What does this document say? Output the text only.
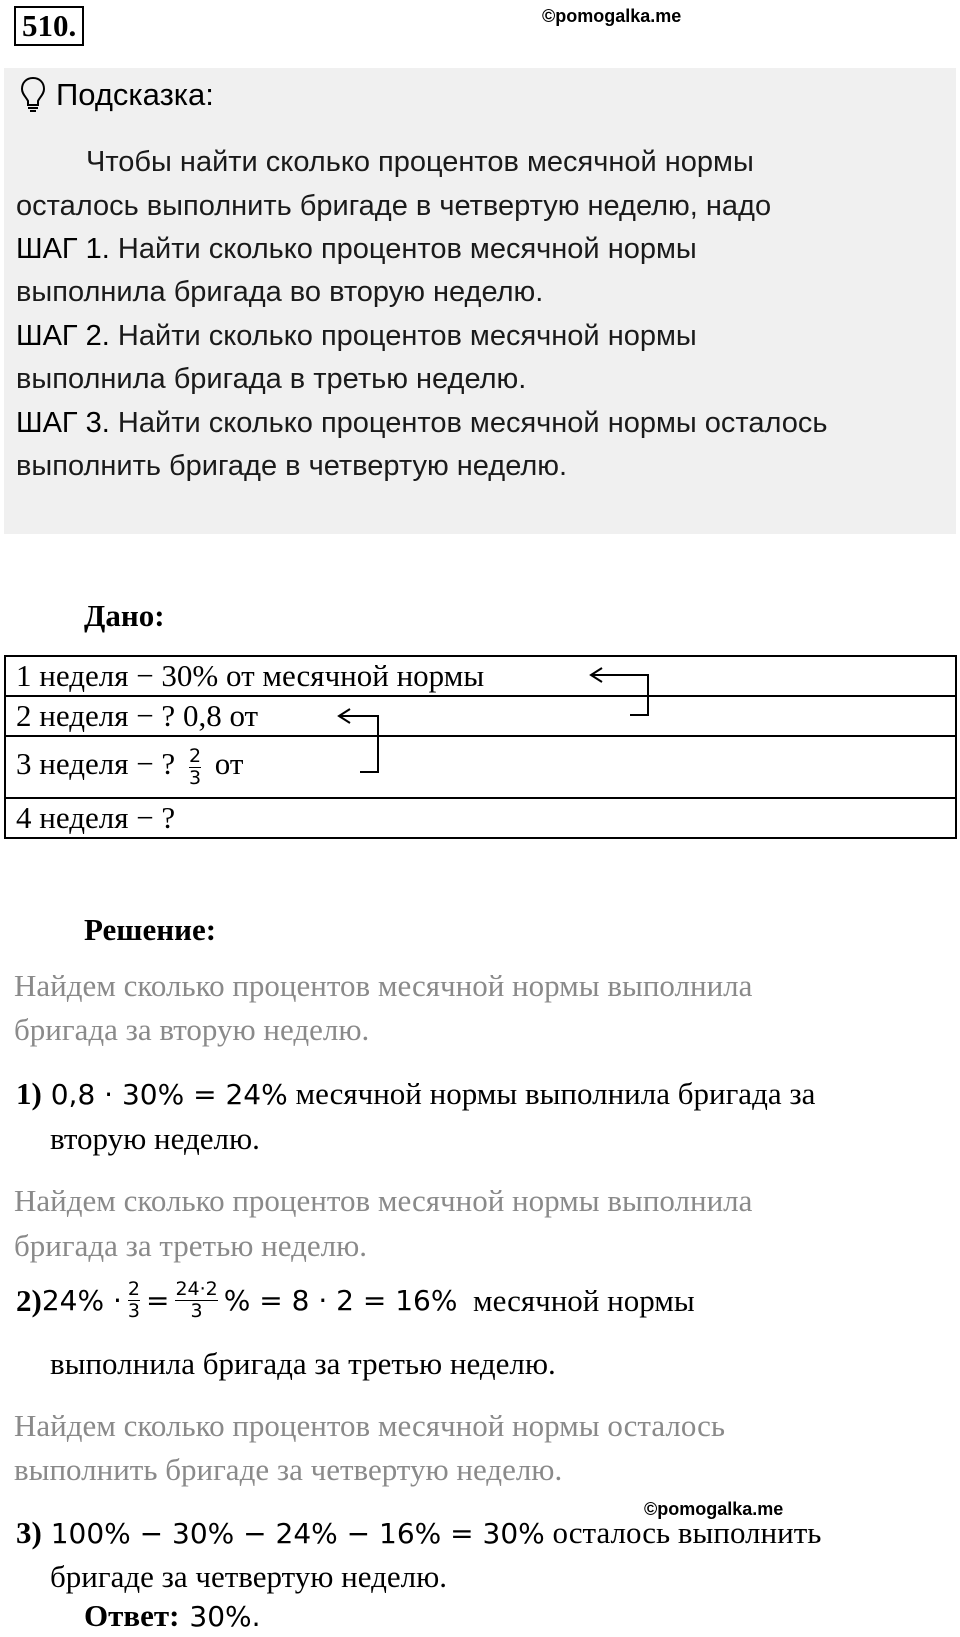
510.	©pomogalka.me
Подсказка:
Чтобы найти сколько процентов месячной нормы
осталось выполнить бригаде в четвертую неделю, надо
ШАГ 1. Найти сколько процентов месячной нормы
выполнила бригада во вторую неделю.
ШАГ 2. Найти сколько процентов месячной нормы
выполнила бригада в третью неделю.
ШАГ 3. Найти сколько процентов месячной нормы осталось
выполнить бригаде в четвертую неделю.
Дано:
1 неделя − 30% от месячной нормы
2 неделя − ? 0,8 от
3 неделя − ? $\frac{2}{3}$ от
4 неделя − ?
Решение:
Найдем сколько процентов месячной нормы выполнила
бригада за вторую неделю.
1) 0,8 · 30% = 24% месячной нормы выполнила бригада за
вторую неделю.
Найдем сколько процентов месячной нормы выполнила
бригада за третью неделю.
2) $24\% \cdot \frac{2}{3} = \frac{24\cdot 2}{3}$ % = 8 · 2 = 16% месячной нормы
выполнила бригада за третью неделю.
Найдем сколько процентов месячной нормы осталось
выполнить бригаде за четвертую неделю.
©pomogalka.me
3) 100% − 30% − 24% − 16% = 30% осталось выполнить
бригаде за четвертую неделю.
Ответ: 30%.
